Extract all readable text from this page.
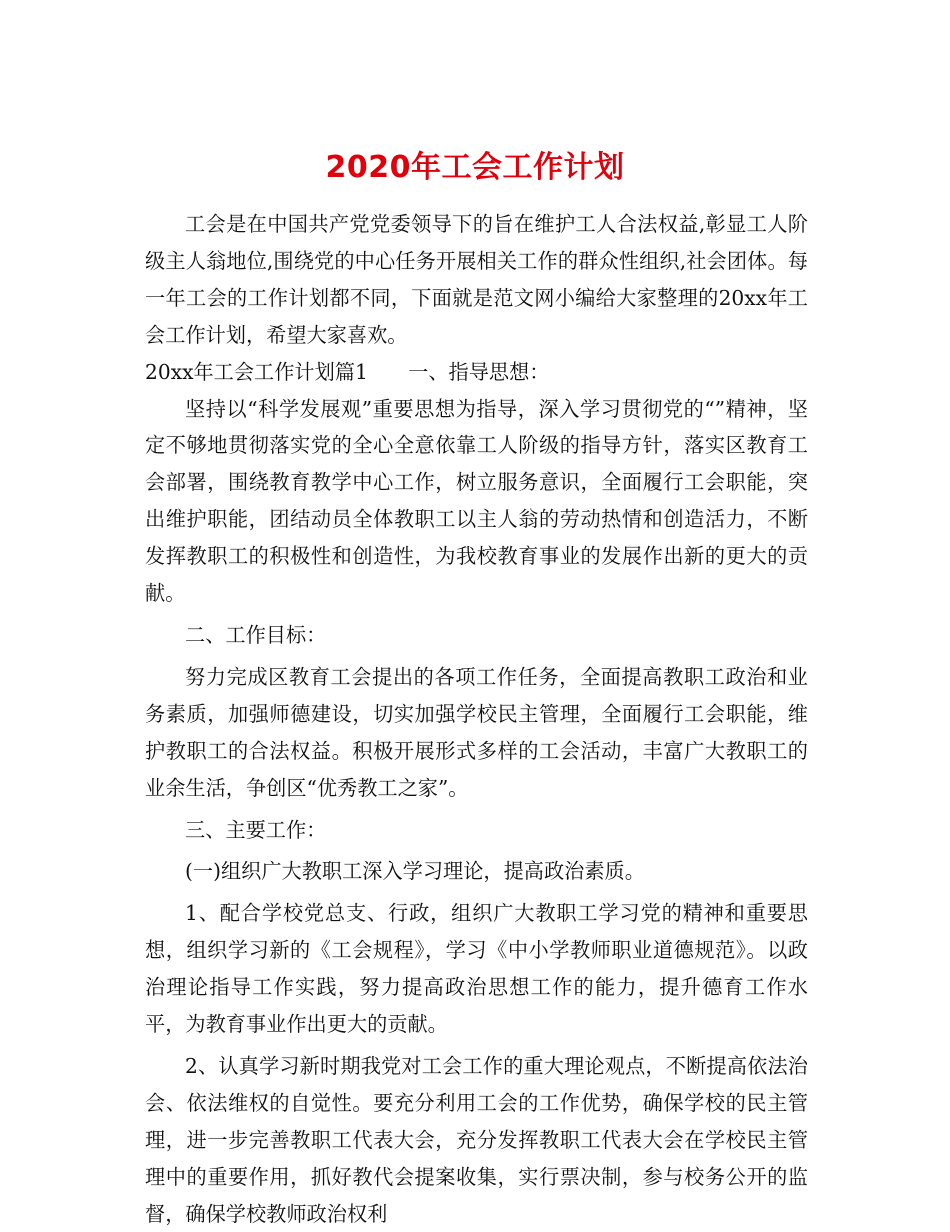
2020年工会工作计划

工会是在中国共产党党委领导下的旨在维护工人合法权益,彰显工人阶级主人翁地位,围绕党的中心任务开展相关工作的群众性组织,社会团体。每一年工会的工作计划都不同，下面就是范文网小编给大家整理的20xx年工会工作计划，希望大家喜欢。

20xx年工会工作计划篇1　　一、指导思想：

坚持以“科学发展观”重要思想为指导，深入学习贯彻党的“”精神，坚定不够地贯彻落实党的全心全意依靠工人阶级的指导方针，落实区教育工会部署，围绕教育教学中心工作，树立服务意识，全面履行工会职能，突出维护职能，团结动员全体教职工以主人翁的劳动热情和创造活力，不断发挥教职工的积极性和创造性，为我校教育事业的发展作出新的更大的贡献。

二、工作目标：

努力完成区教育工会提出的各项工作任务，全面提高教职工政治和业务素质，加强师德建设，切实加强学校民主管理，全面履行工会职能，维护教职工的合法权益。积极开展形式多样的工会活动，丰富广大教职工的业余生活，争创区“优秀教工之家”。

三、主要工作：

(一)组织广大教职工深入学习理论，提高政治素质。

1、配合学校党总支、行政，组织广大教职工学习党的精神和重要思想，组织学习新的《工会规程》，学习《中小学教师职业道德规范》。以政治理论指导工作实践，努力提高政治思想工作的能力，提升德育工作水平，为教育事业作出更大的贡献。

2、认真学习新时期我党对工会工作的重大理论观点，不断提高依法治会、依法维权的自觉性。要充分利用工会的工作优势，确保学校的民主管理，进一步完善教职工代表大会，充分发挥教职工代表大会在学校民主管理中的重要作用，抓好教代会提案收集，实行票决制，参与校务公开的监督，确保学校教师政治权利
